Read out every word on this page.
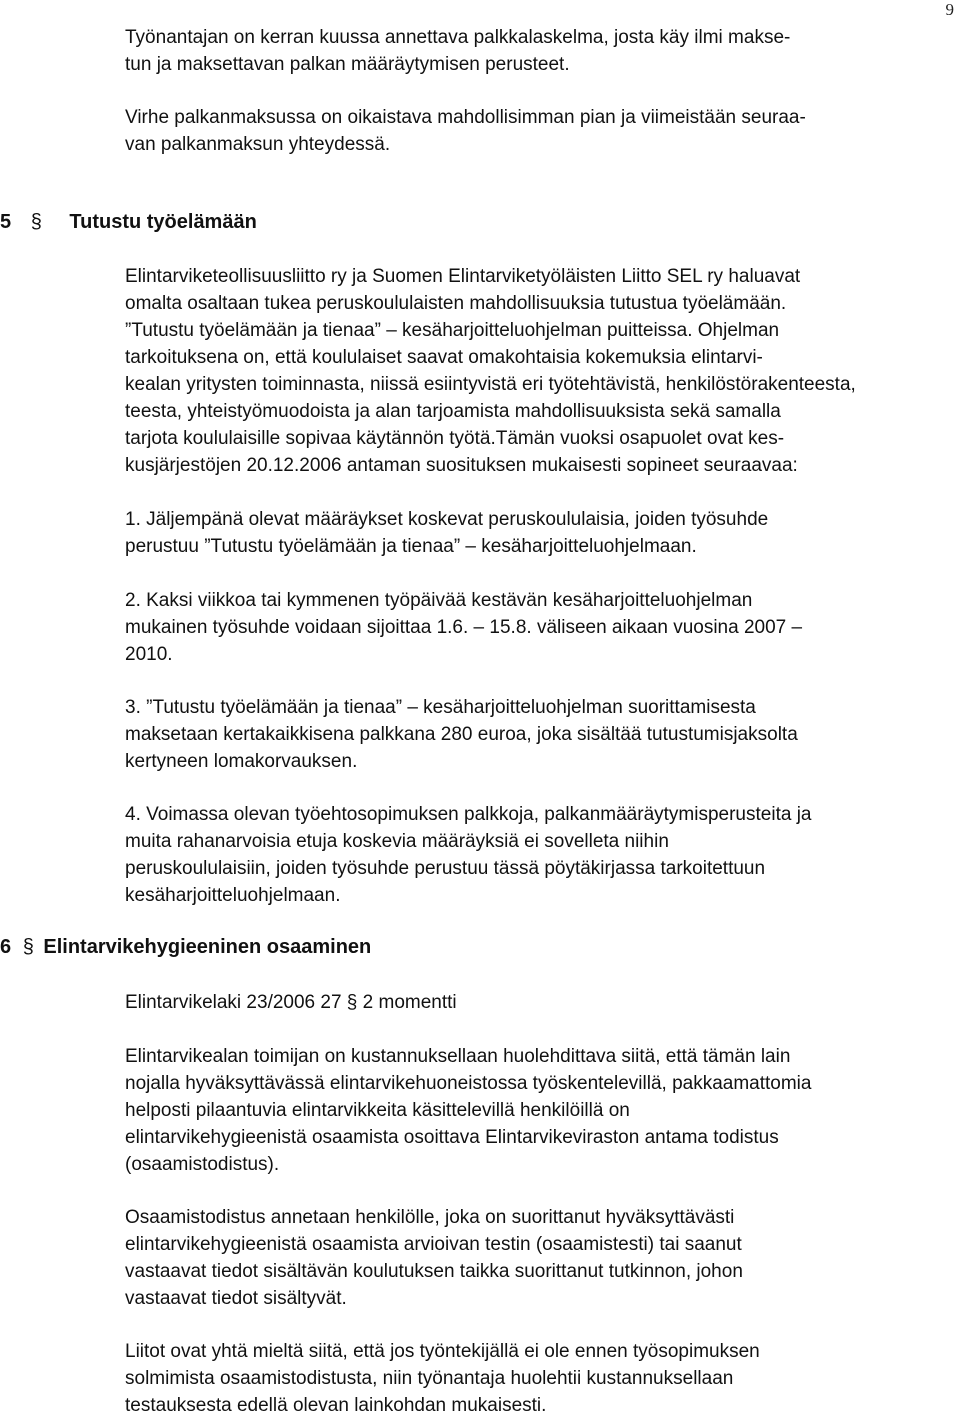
9

Työnantajan on kerran kuussa annettava palkkalaskelma, josta käy ilmi makse-
tun ja maksettavan palkan määräytymisen perusteet.

Virhe palkanmaksussa on oikaistava mahdollisimman pian ja viimeistään seuraa-
van palkanmaksun yhteydessä.

5 § Tutustu työelämään

Elintarviketeollisuusliitto ry ja Suomen Elintarviketyöläisten Liitto SEL ry haluavat
omalta osaltaan tukea peruskoululaisten mahdollisuuksia tutustua työelämään.
”Tutustu työelämään ja tienaa” – kesäharjoitteluohjelman puitteissa. Ohjelman
tarkoituksena on, että koululaiset saavat omakohtaisia kokemuksia elintarvi-
kealan yritysten toiminnasta, niissä esiintyvistä eri työtehtävistä, henkilöstörakenteesta,
teesta, yhteistyömuodoista ja alan tarjoamista mahdollisuuksista sekä samalla
tarjota koululaisille sopivaa käytännön työtä.Tämän vuoksi osapuolet ovat kes-
kusjärjestöjen 20.12.2006 antaman suosituksen mukaisesti sopineet seuraavaa:

1. Jäljempänä olevat määräykset koskevat peruskoululaisia, joiden työsuhde
perustuu ”Tutustu työelämään ja tienaa” – kesäharjoitteluohjelmaan.

2. Kaksi viikkoa tai kymmenen työpäivää kestävän kesäharjoitteluohjelman
mukainen työsuhde voidaan sijoittaa 1.6. – 15.8. väliseen aikaan vuosina 2007 –
2010.

3. ”Tutustu työelämään ja tienaa” – kesäharjoitteluohjelman suorittamisesta
maksetaan kertakaikkisena palkkana 280 euroa, joka sisältää tutustumisjaksolta
kertyneen lomakorvauksen.

4. Voimassa olevan työehtosopimuksen palkkoja, palkanmääräytymisperusteita ja
muita rahanarvoisia etuja koskevia määräyksiä ei sovelleta niihin
peruskoululaisiin, joiden työsuhde perustuu tässä pöytäkirjassa tarkoitettuun
kesäharjoitteluohjelmaan.

6 § Elintarvikehygieeninen osaaminen

Elintarvikelaki 23/2006 27 § 2 momentti

Elintarvikealan toimijan on kustannuksellaan huolehdittava siitä, että tämän lain
nojalla hyväksyttävässä elintarvikehuoneistossa työskentelevillä, pakkaamattomia
helposti pilaantuvia elintarvikkeita käsittelevillä henkilöillä on
elintarvikehygieenistä osaamista osoittava Elintarvikeviraston antama todistus
(osaamistodistus).

Osaamistodistus annetaan henkilölle, joka on suorittanut hyväksyttävästi
elintarvikehygieenistä osaamista arvioivan testin (osaamistesti) tai saanut
vastaavat tiedot sisältävän koulutuksen taikka suorittanut tutkinnon, johon
vastaavat tiedot sisältyvät.

Liitot ovat yhtä mieltä siitä, että jos työntekijällä ei ole ennen työsopimuksen
solmimista osaamistodistusta, niin työnantaja huolehtii kustannuksellaan
testauksesta edellä olevan lainkohdan mukaisesti.
